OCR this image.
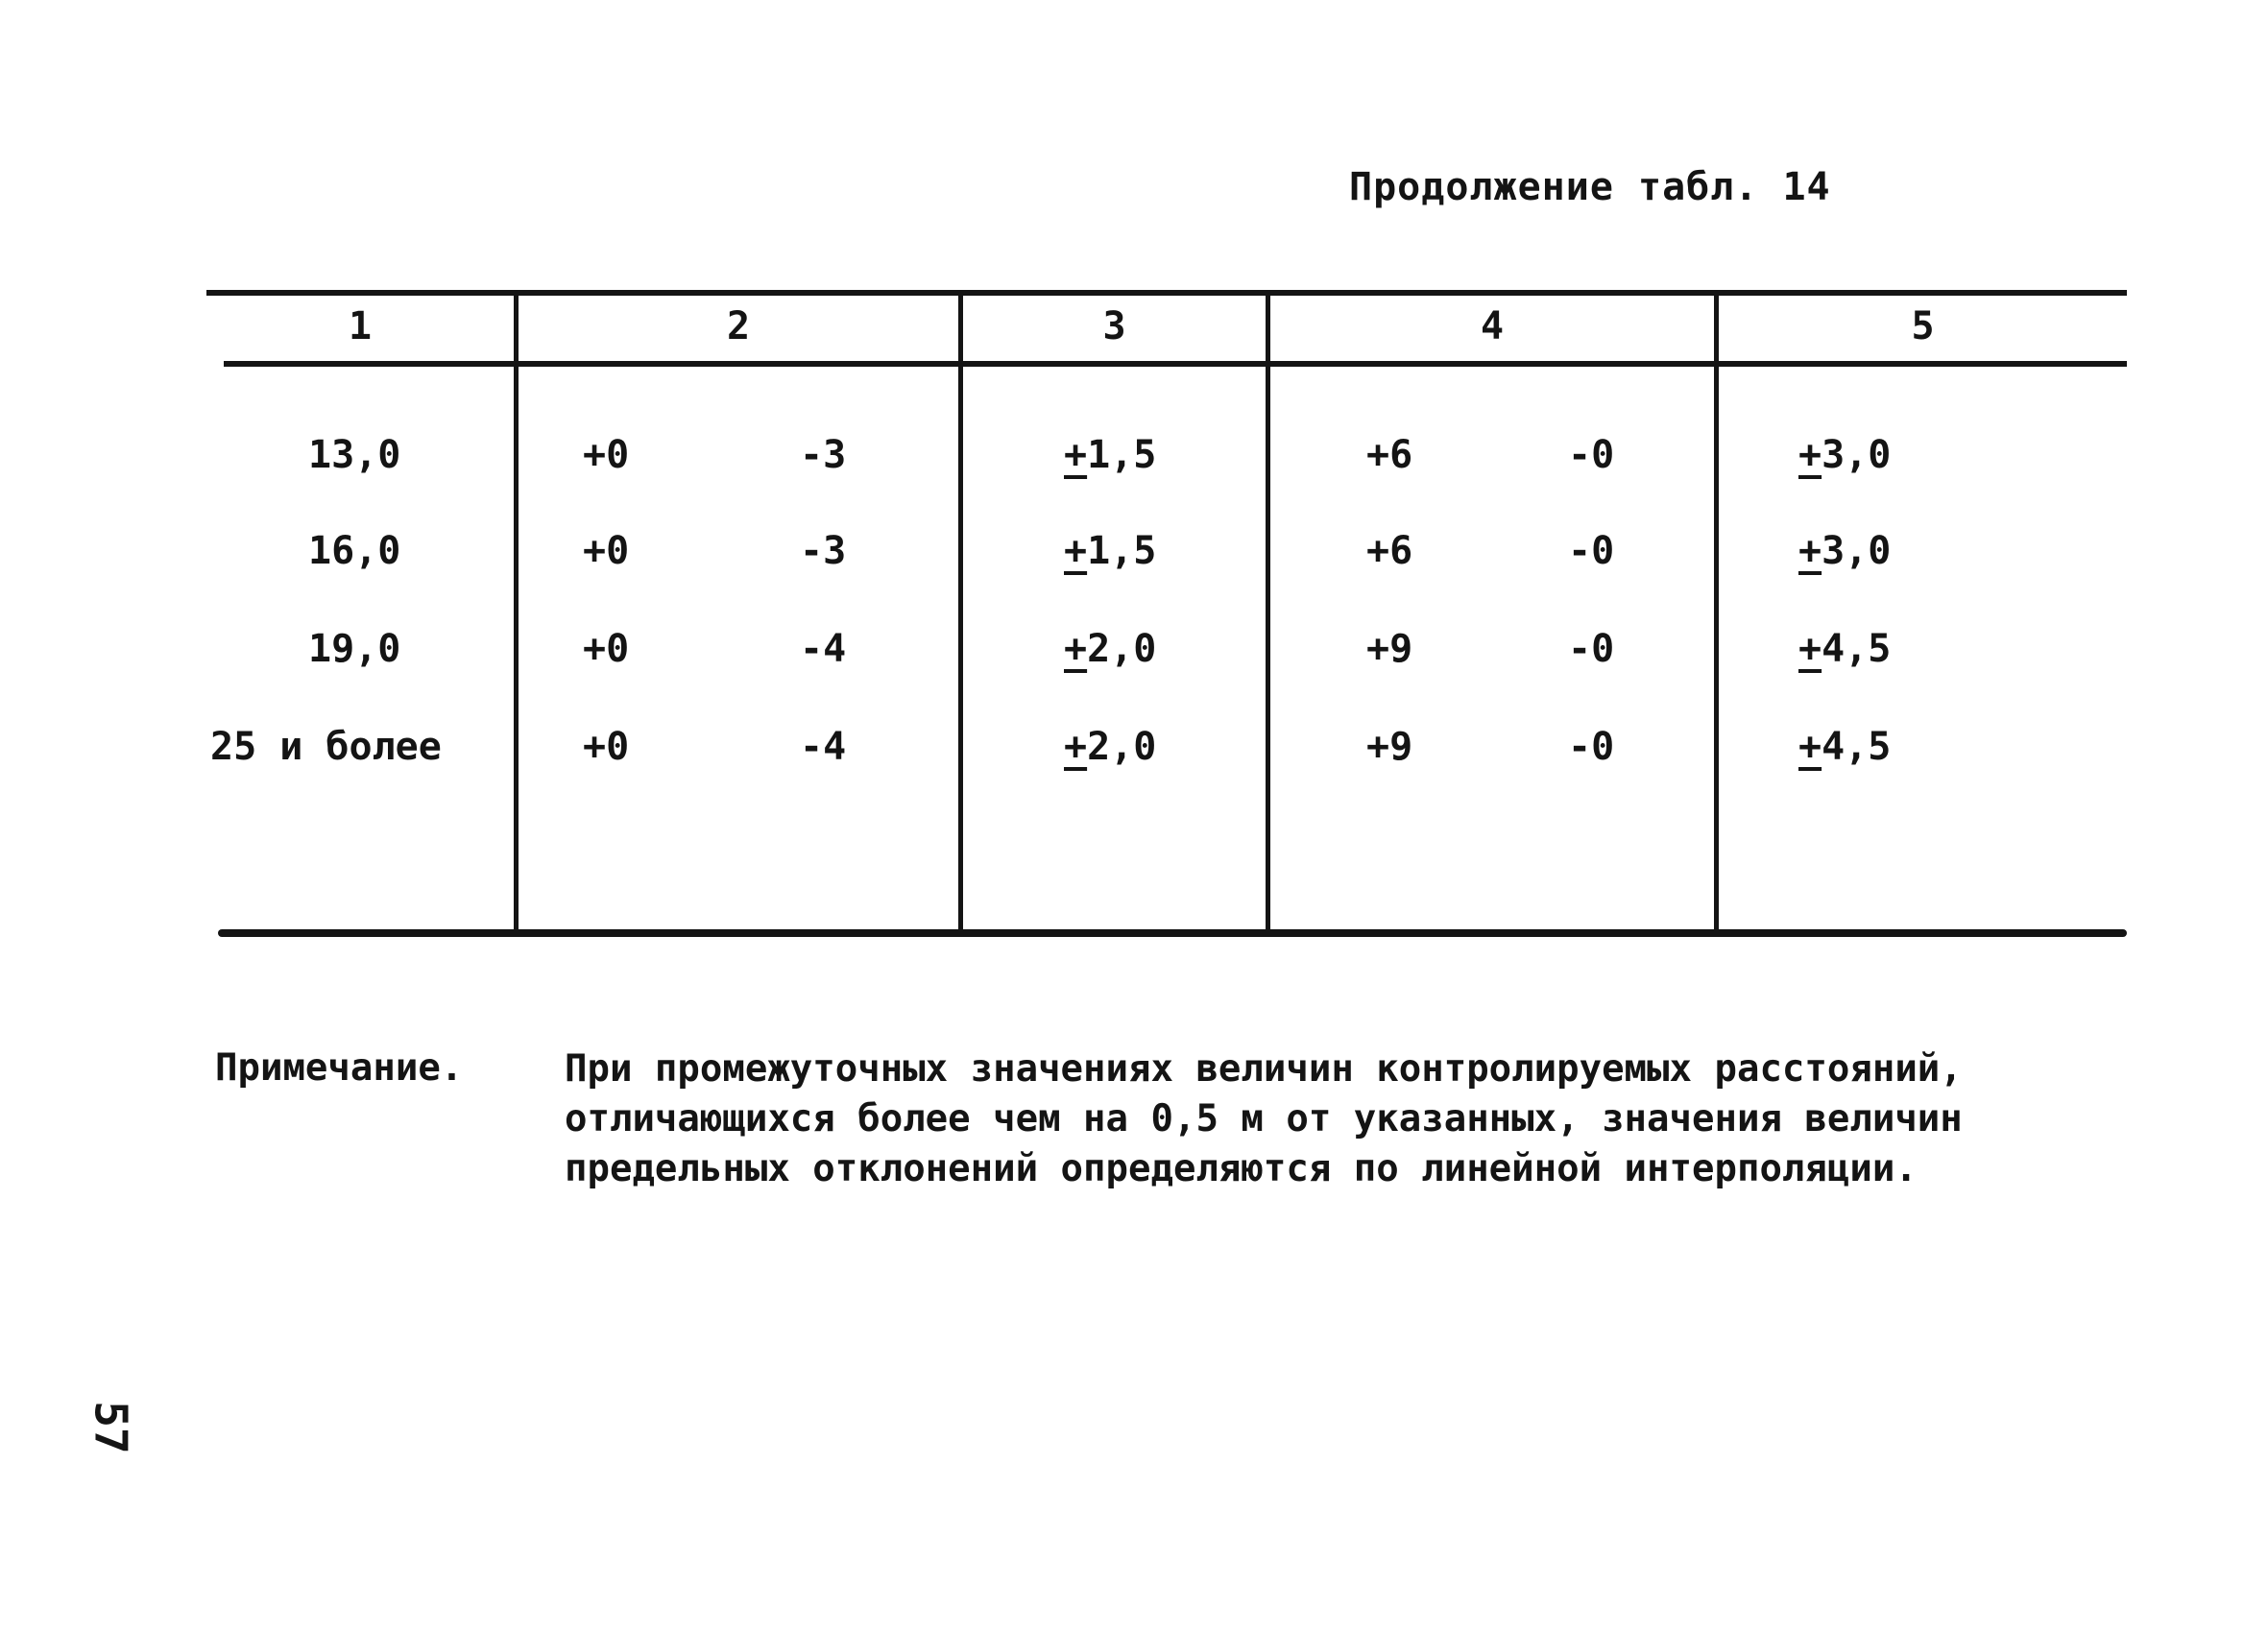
Продолжение табл. 14
1	2	3	4	5
13,0	+0	-3	+1,5	+6	-0	+3,0
16,0	+0	-3	+1,5	+6	-0	+3,0
19,0	+0	-4	+2,0	+9	-0	+4,5
25 и более	+0	-4	+2,0	+9	-0	+4,5
Примечание.	При промежуточных значениях величин контролируемых расстояний,
отличающихся более чем на 0,5 м от указанных, значения величин
предельных отклонений определяются по линейной интерполяции.
57
